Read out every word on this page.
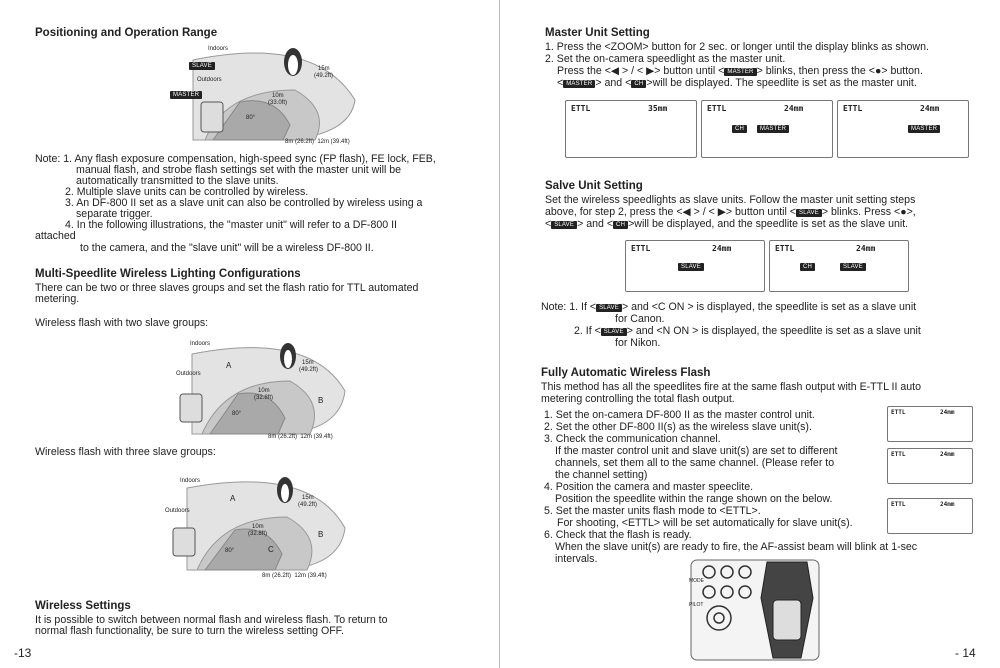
Positioning and Operation Range
SLAVE
MASTER
Indoors
Outdoors
15m
(49.2ft)
10m
(33.0ft)
80°
8m (26.2ft)  12m (39.4ft)
Note: 1. Any flash exposure compensation, high-speed sync (FP flash), FE lock, FEB,
manual flash, and strobe flash settings set with the master unit will be
automatically transmitted to the slave units.
2. Multiple slave units can be controlled by wireless.
3. An DF-800 II set as a slave unit can also be controlled by wireless using a
separate trigger.
4. In the following illustrations, the "master unit" will refer to a DF-800 II
attached
to the camera, and the "slave unit" will be a wireless DF-800 II.
Multi-Speedlite Wireless Lighting Configurations
There can be two or three slaves groups and set the flash ratio for TTL automated
metering.
Wireless flash with two slave groups:
Indoors
Outdoors
A
B
15m
(49.2ft)
10m
(32.8ft)
80°
8m (26.2ft)  12m (39.4ft)
Wireless flash with three slave groups:
Indoors
Outdoors
A
B
C
15m
(49.2ft)
10m
(32.8ft)
80°
8m (26.2ft)  12m (39.4ft)
Wireless Settings
It is possible to switch between normal flash and wireless flash. To return to
normal flash functionality, be sure to turn the wireless setting OFF.
-13
Master Unit Setting
1. Press the <ZOOM> button for 2 sec. or longer until the display blinks as shown.
2. Set the on-camera speedlight as the master unit.
Press the <◀ > / < ▶> button until < MASTER > blinks, then press the <●> button.
< MASTER > and < CH >will be displayed. The speedlite is set as the master unit.
ETTL	35mm	ETTL	24mm
CH	MASTER
ETTL	24mm
MASTER
Salve Unit Setting
Set the wireless speedlights as slave units. Follow the master unit setting steps
above, for step 2, press the <◀ > / < ▶> button until < SLAVE > blinks. Press <●>,
< SLAVE > and < CH >will be displayed, and the speedlite is set as the slave unit.
ETTL	24mm
SLAVE
ETTL	24mm
CH	SLAVE
Note: 1. If < SLAVE > and <C ON > is displayed, the speedlite is set as a slave unit
for Canon.
2. If < SLAVE > and <N ON > is displayed, the speedlite is set as a slave unit
for Nikon.
Fully Automatic Wireless Flash
This method has all the speedlites fire at the same flash output with E-TTL II auto
metering controlling the total flash output.
1. Set the on-camera DF-800 II as the master control unit.
2. Set the other DF-800 II(s) as the wireless slave unit(s).
3. Check the communication channel.
If the master control unit and slave unit(s) are set to different
channels, set them all to the same channel. (Please refer to
the channel setting)
4. Position the camera and master speeclite.
Position the speedlite within the range shown on the below.
5. Set the master units flash mode to <ETTL>.
For shooting, <ETTL> will be set automatically for slave unit(s).
6. Check that the flash is ready.
When the slave unit(s) are ready to fire, the AF-assist beam will blink at 1-sec
intervals.
ETTL	24mm
ETTL	24mm
ETTL	24mm
MODE
PILOT
- 14
